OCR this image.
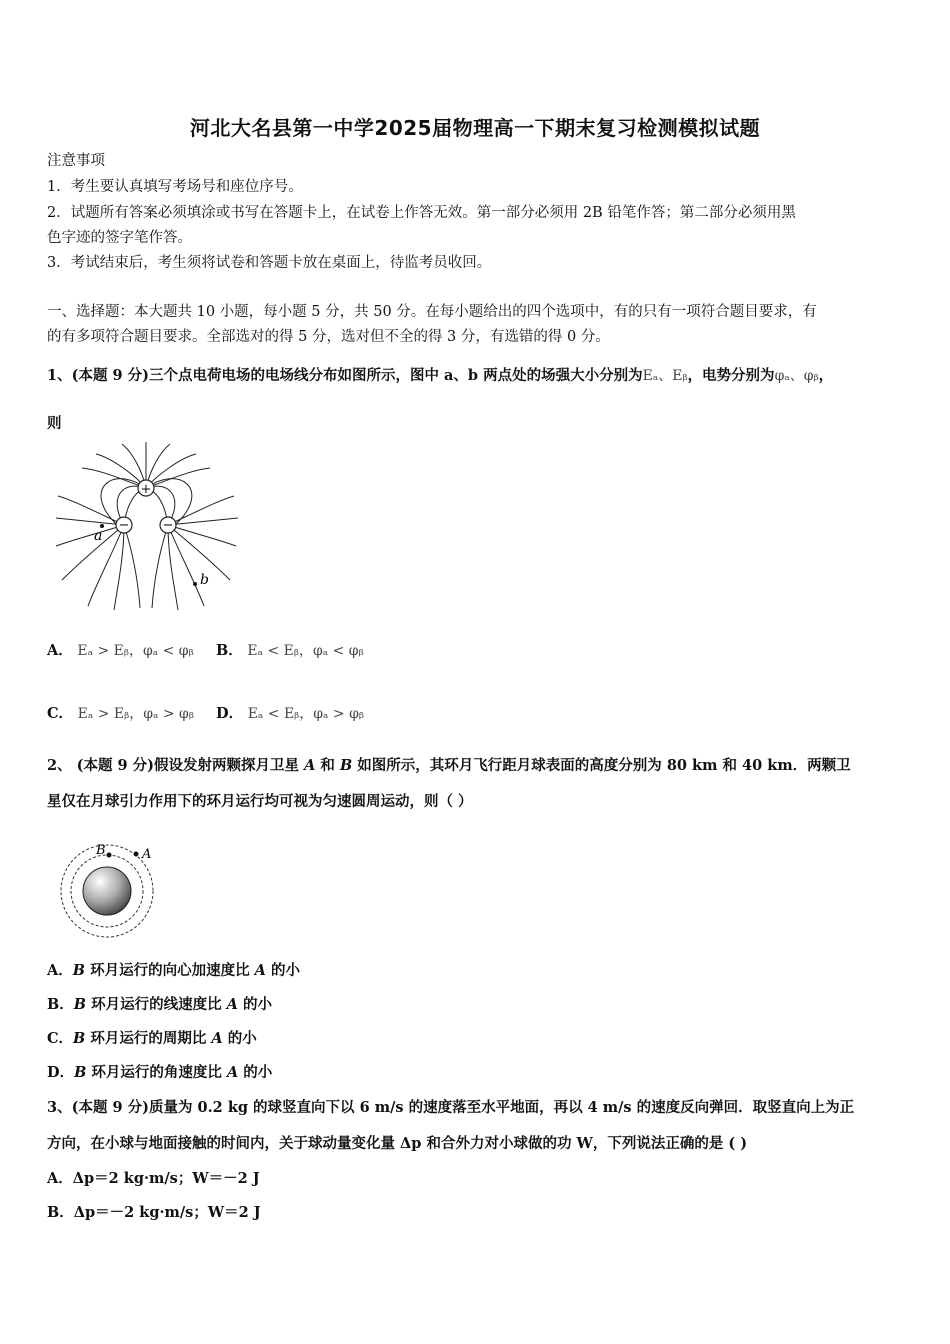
河北大名县第一中学2025届物理高一下期末复习检测模拟试题
注意事项
1．考生要认真填写考场号和座位序号。
2．试题所有答案必须填涂或书写在答题卡上，在试卷上作答无效。第一部分必须用 2B 铅笔作答；第二部分必须用黑
色字迹的签字笔作答。
3．考试结束后，考生须将试卷和答题卡放在桌面上，待监考员收回。
一、选择题：本大题共 10 小题，每小题 5 分，共 50 分。在每小题给出的四个选项中，有的只有一项符合题目要求，有
的有多项符合题目要求。全部选对的得 5 分，选对但不全的得 3 分，有选错的得 0 分。
1、(本题 9 分)三个点电荷电场的电场线分布如图所示，图中 a、b 两点处的场强大小分别为Eₐ、Eᵦ，电势分别为φₐ、φᵦ，
则
+
−	−
a
b
A． Eₐ > Eᵦ，φₐ < φᵦ B． Eₐ < Eᵦ，φₐ < φᵦ
C． Eₐ > Eᵦ，φₐ > φᵦ D． Eₐ < Eᵦ，φₐ > φᵦ
2、 (本题 9 分)假设发射两颗探月卫星 A 和 B 如图所示，其环月飞行距月球表面的高度分别为 80 km 和 40 km．两颗卫
星仅在月球引力作用下的环月运行均可视为匀速圆周运动，则（ ）
B	A
A．B 环月运行的向心加速度比 A 的小
B．B 环月运行的线速度比 A 的小
C．B 环月运行的周期比 A 的小
D．B 环月运行的角速度比 A 的小
3、(本题 9 分)质量为 0.2 kg 的球竖直向下以 6 m/s 的速度落至水平地面，再以 4 m/s 的速度反向弹回．取竖直向上为正
方向，在小球与地面接触的时间内，关于球动量变化量 Δp 和合外力对小球做的功 W，下列说法正确的是 ( )
A．Δp＝2 kg·m/s；W＝－2 J
B．Δp＝－2 kg·m/s；W＝2 J
